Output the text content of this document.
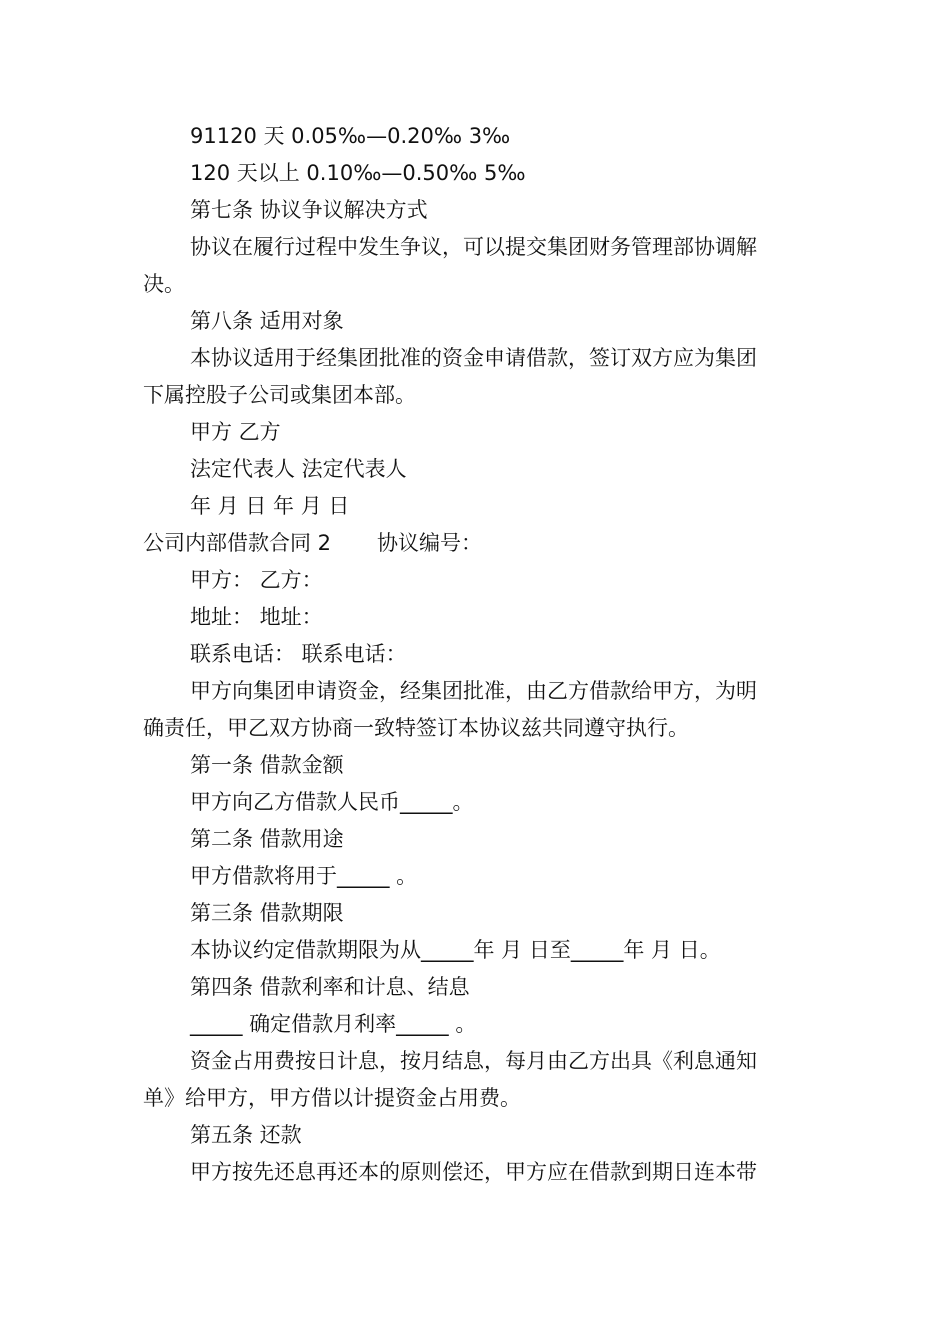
91120 天 0.05‰—0.20‰ 3‰
120 天以上 0.10‰—0.50‰ 5‰
第七条 协议争议解决方式
协议在履行过程中发生争议，可以提交集团财务管理部协调解
决。
第八条 适用对象
本协议适用于经集团批准的资金申请借款，签订双方应为集团
下属控股子公司或集团本部。
甲方 乙方
法定代表人 法定代表人
年 月 日 年 月 日
公司内部借款合同 2 协议编号：
甲方： 乙方：
地址： 地址：
联系电话： 联系电话：
甲方向集团申请资金，经集团批准，由乙方借款给甲方，为明
确责任，甲乙双方协商一致特签订本协议兹共同遵守执行。
第一条 借款金额
甲方向乙方借款人民币_____。
第二条 借款用途
甲方借款将用于_____ 。
第三条 借款期限
本协议约定借款期限为从_____年 月 日至_____年 月 日。
第四条 借款利率和计息、结息
_____ 确定借款月利率_____ 。
资金占用费按日计息，按月结息，每月由乙方出具《利息通知
单》给甲方，甲方借以计提资金占用费。
第五条 还款
甲方按先还息再还本的原则偿还，甲方应在借款到期日连本带
